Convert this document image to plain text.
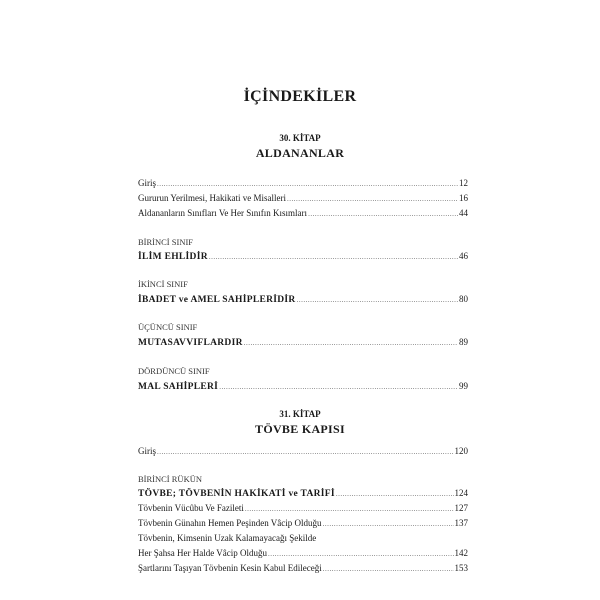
İÇİNDEKİLER
30. KİTAP
ALDANANLAR
Giriş .....	12
Gururun Yerilmesi, Hakikati ve Misalleri .....	16
Aldananların Sınıfları Ve Her Sınıfın Kısımları .....	44
BİRİNCİ SINIF
İLİM EHLİDİR .....	46
İKİNCİ SINIF
İBADET ve AMEL SAHİPLERİDİR .....	80
ÜÇÜNCÜ SINIF
MUTASAVVIFLARDIR .....	89
DÖRDÜNCÜ SINIF
MAL SAHİPLERİ .....	99
31. KİTAP
TÖVBE KAPISI
Giriş .....	120
BİRİNCİ RÜKÜN
TÖVBE; TÖVBENİN HAKİKATİ ve TARİFİ .....	124
Tövbenin Vücûbu Ve Fazileti .....	127
Tövbenin Günahın Hemen Peşinden Vâcip Olduğu .....	137
Tövbenin, Kimsenin Uzak Kalamayacağı Şekilde
Her Şahsa Her Halde Vâcip Olduğu .....	142
Şartlarını Taşıyan Tövbenin Kesin Kabul Edileceği .....	153
